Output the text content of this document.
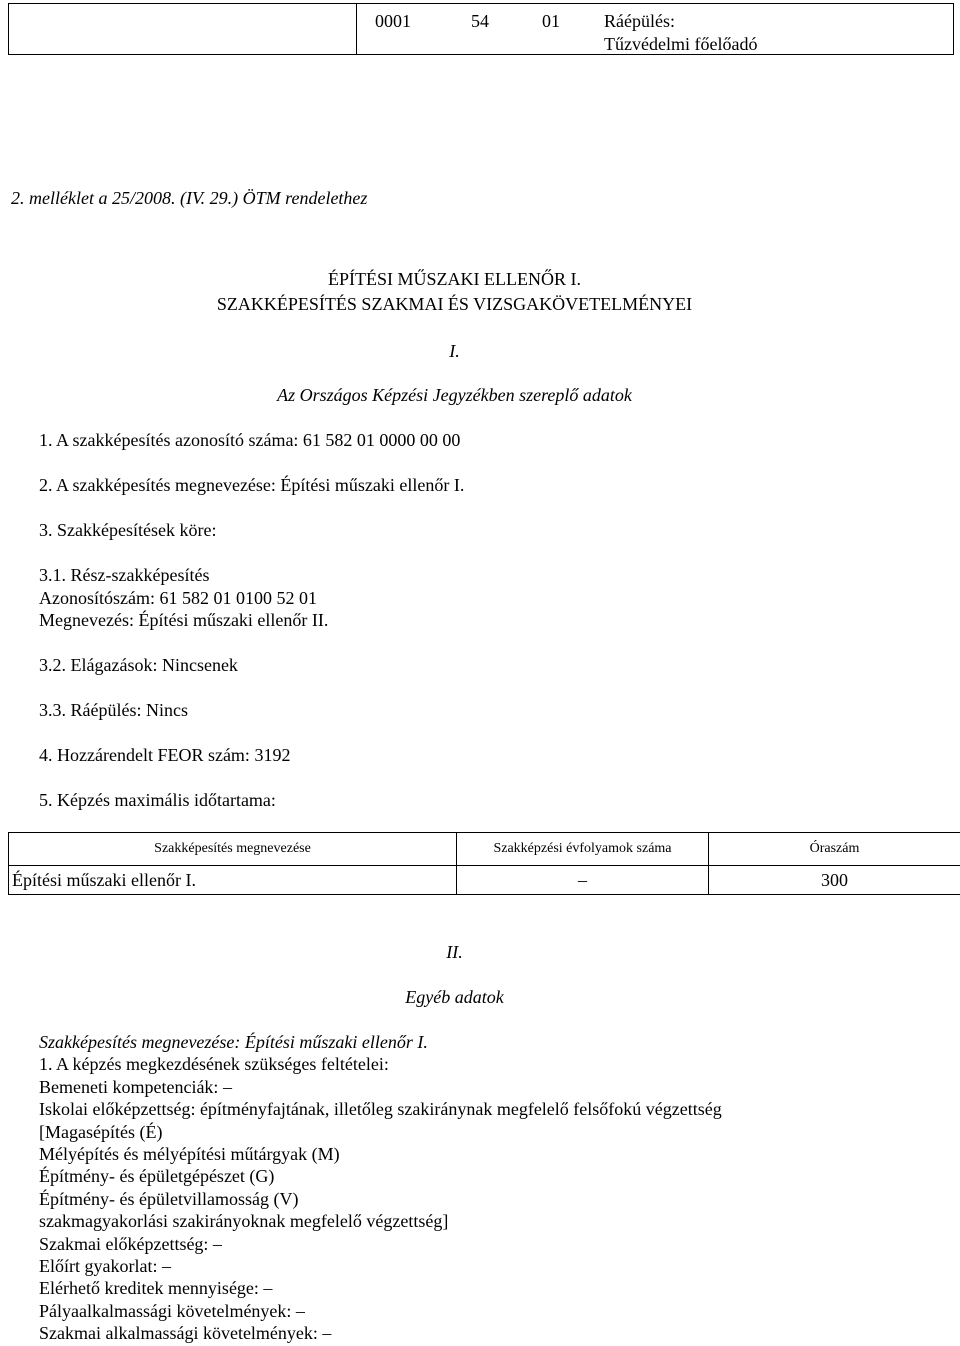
0001	54	01 Ráépülés:
Tűzvédelmi főelőadó
2. melléklet a 25/2008. (IV. 29.) ÖTM rendelethez
ÉPÍTÉSI MŰSZAKI ELLENŐR I.
SZAKKÉPESÍTÉS SZAKMAI ÉS VIZSGAKÖVETELMÉNYEI
I.
Az Országos Képzési Jegyzékben szereplő adatok
1. A szakképesítés azonosító száma: 61 582 01 0000 00 00
2. A szakképesítés megnevezése: Építési műszaki ellenőr I.
3. Szakképesítések köre:
3.1. Rész-szakképesítés
Azonosítószám: 61 582 01 0100 52 01
Megnevezés: Építési műszaki ellenőr II.
3.2. Elágazások: Nincsenek
3.3. Ráépülés: Nincs
4. Hozzárendelt FEOR szám: 3192
5. Képzés maximális időtartama:
Szakképesítés megnevezése	Szakképzési évfolyamok száma	Óraszám
Építési műszaki ellenőr I.	–	300
II.
Egyéb adatok
Szakképesítés megnevezése: Építési műszaki ellenőr I.
1. A képzés megkezdésének szükséges feltételei:
Bemeneti kompetenciák: –
Iskolai előképzettség: építményfajtának, illetőleg szakiránynak megfelelő felsőfokú végzettség
[Magasépítés (É)
Mélyépítés és mélyépítési műtárgyak (M)
Építmény- és épületgépészet (G)
Építmény- és épületvillamosság (V)
szakmagyakorlási szakirányoknak megfelelő végzettség]
Szakmai előképzettség: –
Előírt gyakorlat: –
Elérhető kreditek mennyisége: –
Pályaalkalmassági követelmények: –
Szakmai alkalmassági követelmények: –
